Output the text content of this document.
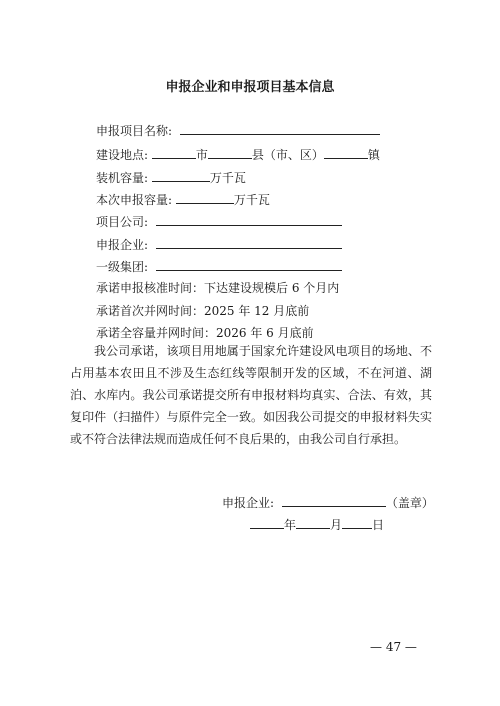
申报企业和申报项目基本信息
申报项目名称:
建设地点:	市	县（市、区）	镇
装机容量:	万千瓦
本次申报容量:	万千瓦
项目公司:
申报企业:
一级集团:
承诺申报核准时间：下达建设规模后 6 个月内
承诺首次并网时间：2025 年 12 月底前
承诺全容量并网时间：2026 年 6 月底前
我公司承诺，该项目用地属于国家允许建设风电项目的场地、不占用基本农田且不涉及生态红线等限制开发的区域，不在河道、湖泊、水库内。我公司承诺提交所有申报材料均真实、合法、有效，其复印件（扫描件）与原件完全一致。如因我公司提交的申报材料失实或不符合法律法规而造成任何不良后果的，由我公司自行承担。
申报企业:	（盖章）
年	月	日
— 47 —
